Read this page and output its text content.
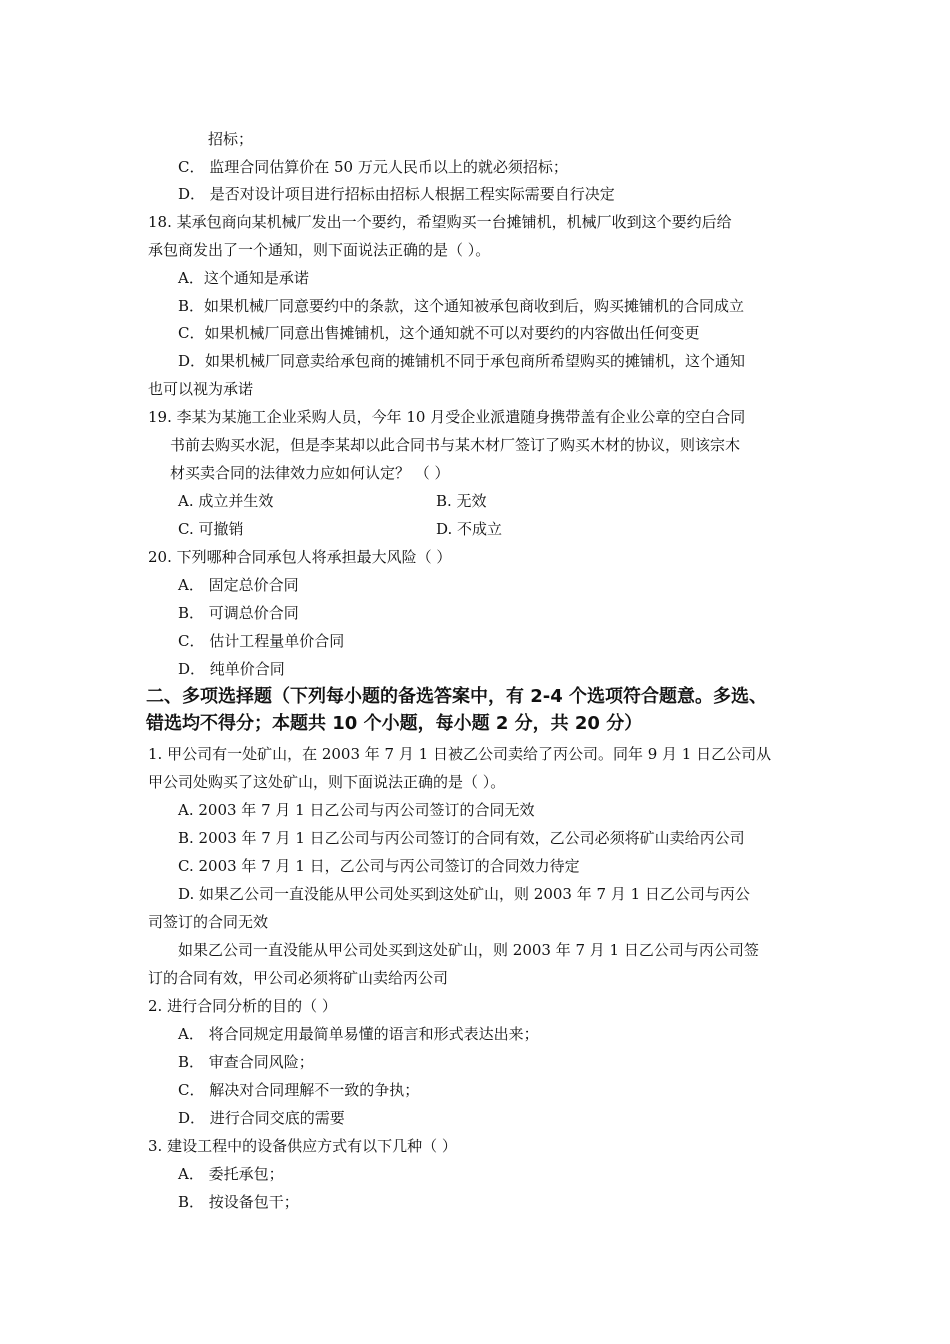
招标；
C． 监理合同估算价在 50 万元人民币以上的就必须招标；
D． 是否对设计项目进行招标由招标人根据工程实际需要自行决定
18. 某承包商向某机械厂发出一个要约，希望购买一台摊铺机，机械厂收到这个要约后给
承包商发出了一个通知，则下面说法正确的是（ ）。
A．这个通知是承诺
B．如果机械厂同意要约中的条款，这个通知被承包商收到后，购买摊铺机的合同成立
C．如果机械厂同意出售摊铺机，这个通知就不可以对要约的内容做出任何变更
D．如果机械厂同意卖给承包商的摊铺机不同于承包商所希望购买的摊铺机，这个通知
也可以视为承诺
19. 李某为某施工企业采购人员，今年 10 月受企业派遣随身携带盖有企业公章的空白合同
书前去购买水泥，但是李某却以此合同书与某木材厂签订了购买木材的协议，则该宗木
材买卖合同的法律效力应如何认定？ （ ）
A. 成立并生效	B. 无效
C. 可撤销	D. 不成立
20. 下列哪种合同承包人将承担最大风险（ ）
A． 固定总价合同
B． 可调总价合同
C． 估计工程量单价合同
D． 纯单价合同
二、多项选择题（下列每小题的备选答案中，有 2-4 个选项符合题意。多选、
错选均不得分；本题共 10 个小题，每小题 2 分，共 20 分）
1. 甲公司有一处矿山，在 2003 年 7 月 1 日被乙公司卖给了丙公司。同年 9 月 1 日乙公司从
甲公司处购买了这处矿山，则下面说法正确的是（ ）。
A. 2003 年 7 月 1 日乙公司与丙公司签订的合同无效
B. 2003 年 7 月 1 日乙公司与丙公司签订的合同有效，乙公司必须将矿山卖给丙公司
C. 2003 年 7 月 1 日，乙公司与丙公司签订的合同效力待定
D. 如果乙公司一直没能从甲公司处买到这处矿山，则 2003 年 7 月 1 日乙公司与丙公
司签订的合同无效
如果乙公司一直没能从甲公司处买到这处矿山，则 2003 年 7 月 1 日乙公司与丙公司签
订的合同有效，甲公司必须将矿山卖给丙公司
2. 进行合同分析的目的（ ）
A． 将合同规定用最简单易懂的语言和形式表达出来；
B． 审查合同风险；
C． 解决对合同理解不一致的争执；
D． 进行合同交底的需要
3. 建设工程中的设备供应方式有以下几种（ ）
A． 委托承包；
B． 按设备包干；
